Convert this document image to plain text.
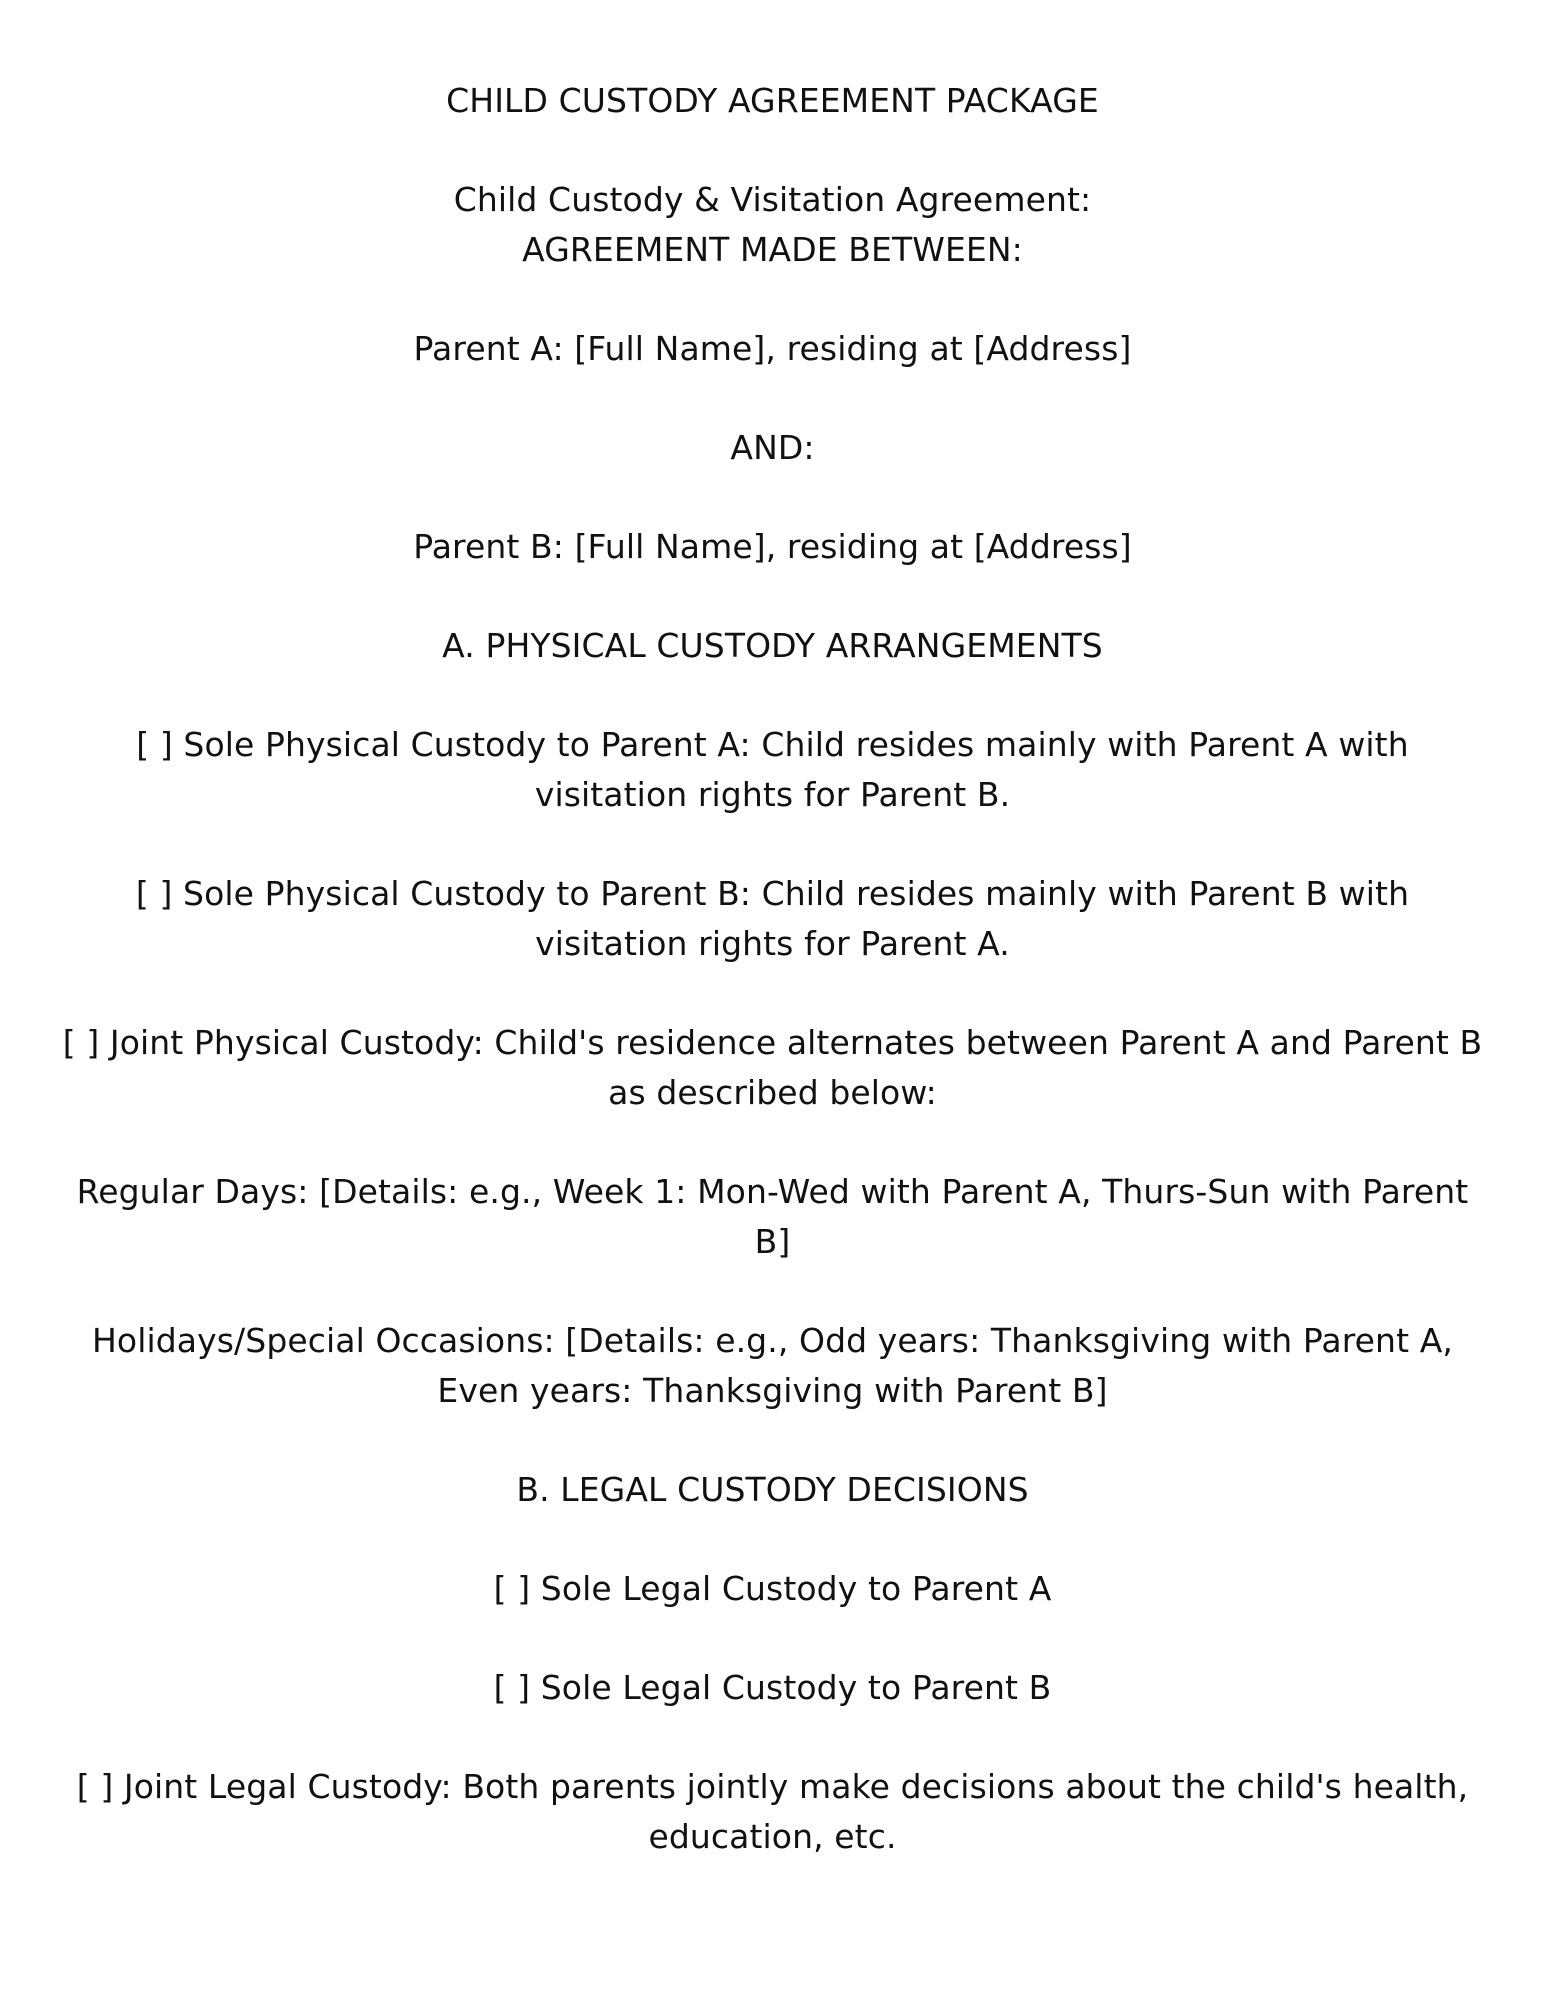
CHILD CUSTODY AGREEMENT PACKAGE

Child Custody & Visitation Agreement:

AGREEMENT MADE BETWEEN:

Parent A: [Full Name], residing at [Address]

AND:

Parent B: [Full Name], residing at [Address]

A. PHYSICAL CUSTODY ARRANGEMENTS

[ ] Sole Physical Custody to Parent A: Child resides mainly with Parent A with visitation rights for Parent B.

[ ] Sole Physical Custody to Parent B: Child resides mainly with Parent B with visitation rights for Parent A.

[ ] Joint Physical Custody: Child's residence alternates between Parent A and Parent B as described below:

Regular Days: [Details: e.g., Week 1: Mon-Wed with Parent A, Thurs-Sun with Parent B]

Holidays/Special Occasions: [Details: e.g., Odd years: Thanksgiving with Parent A, Even years: Thanksgiving with Parent B]

B. LEGAL CUSTODY DECISIONS

[ ] Sole Legal Custody to Parent A

[ ] Sole Legal Custody to Parent B

[ ] Joint Legal Custody: Both parents jointly make decisions about the child's health, education, etc.
